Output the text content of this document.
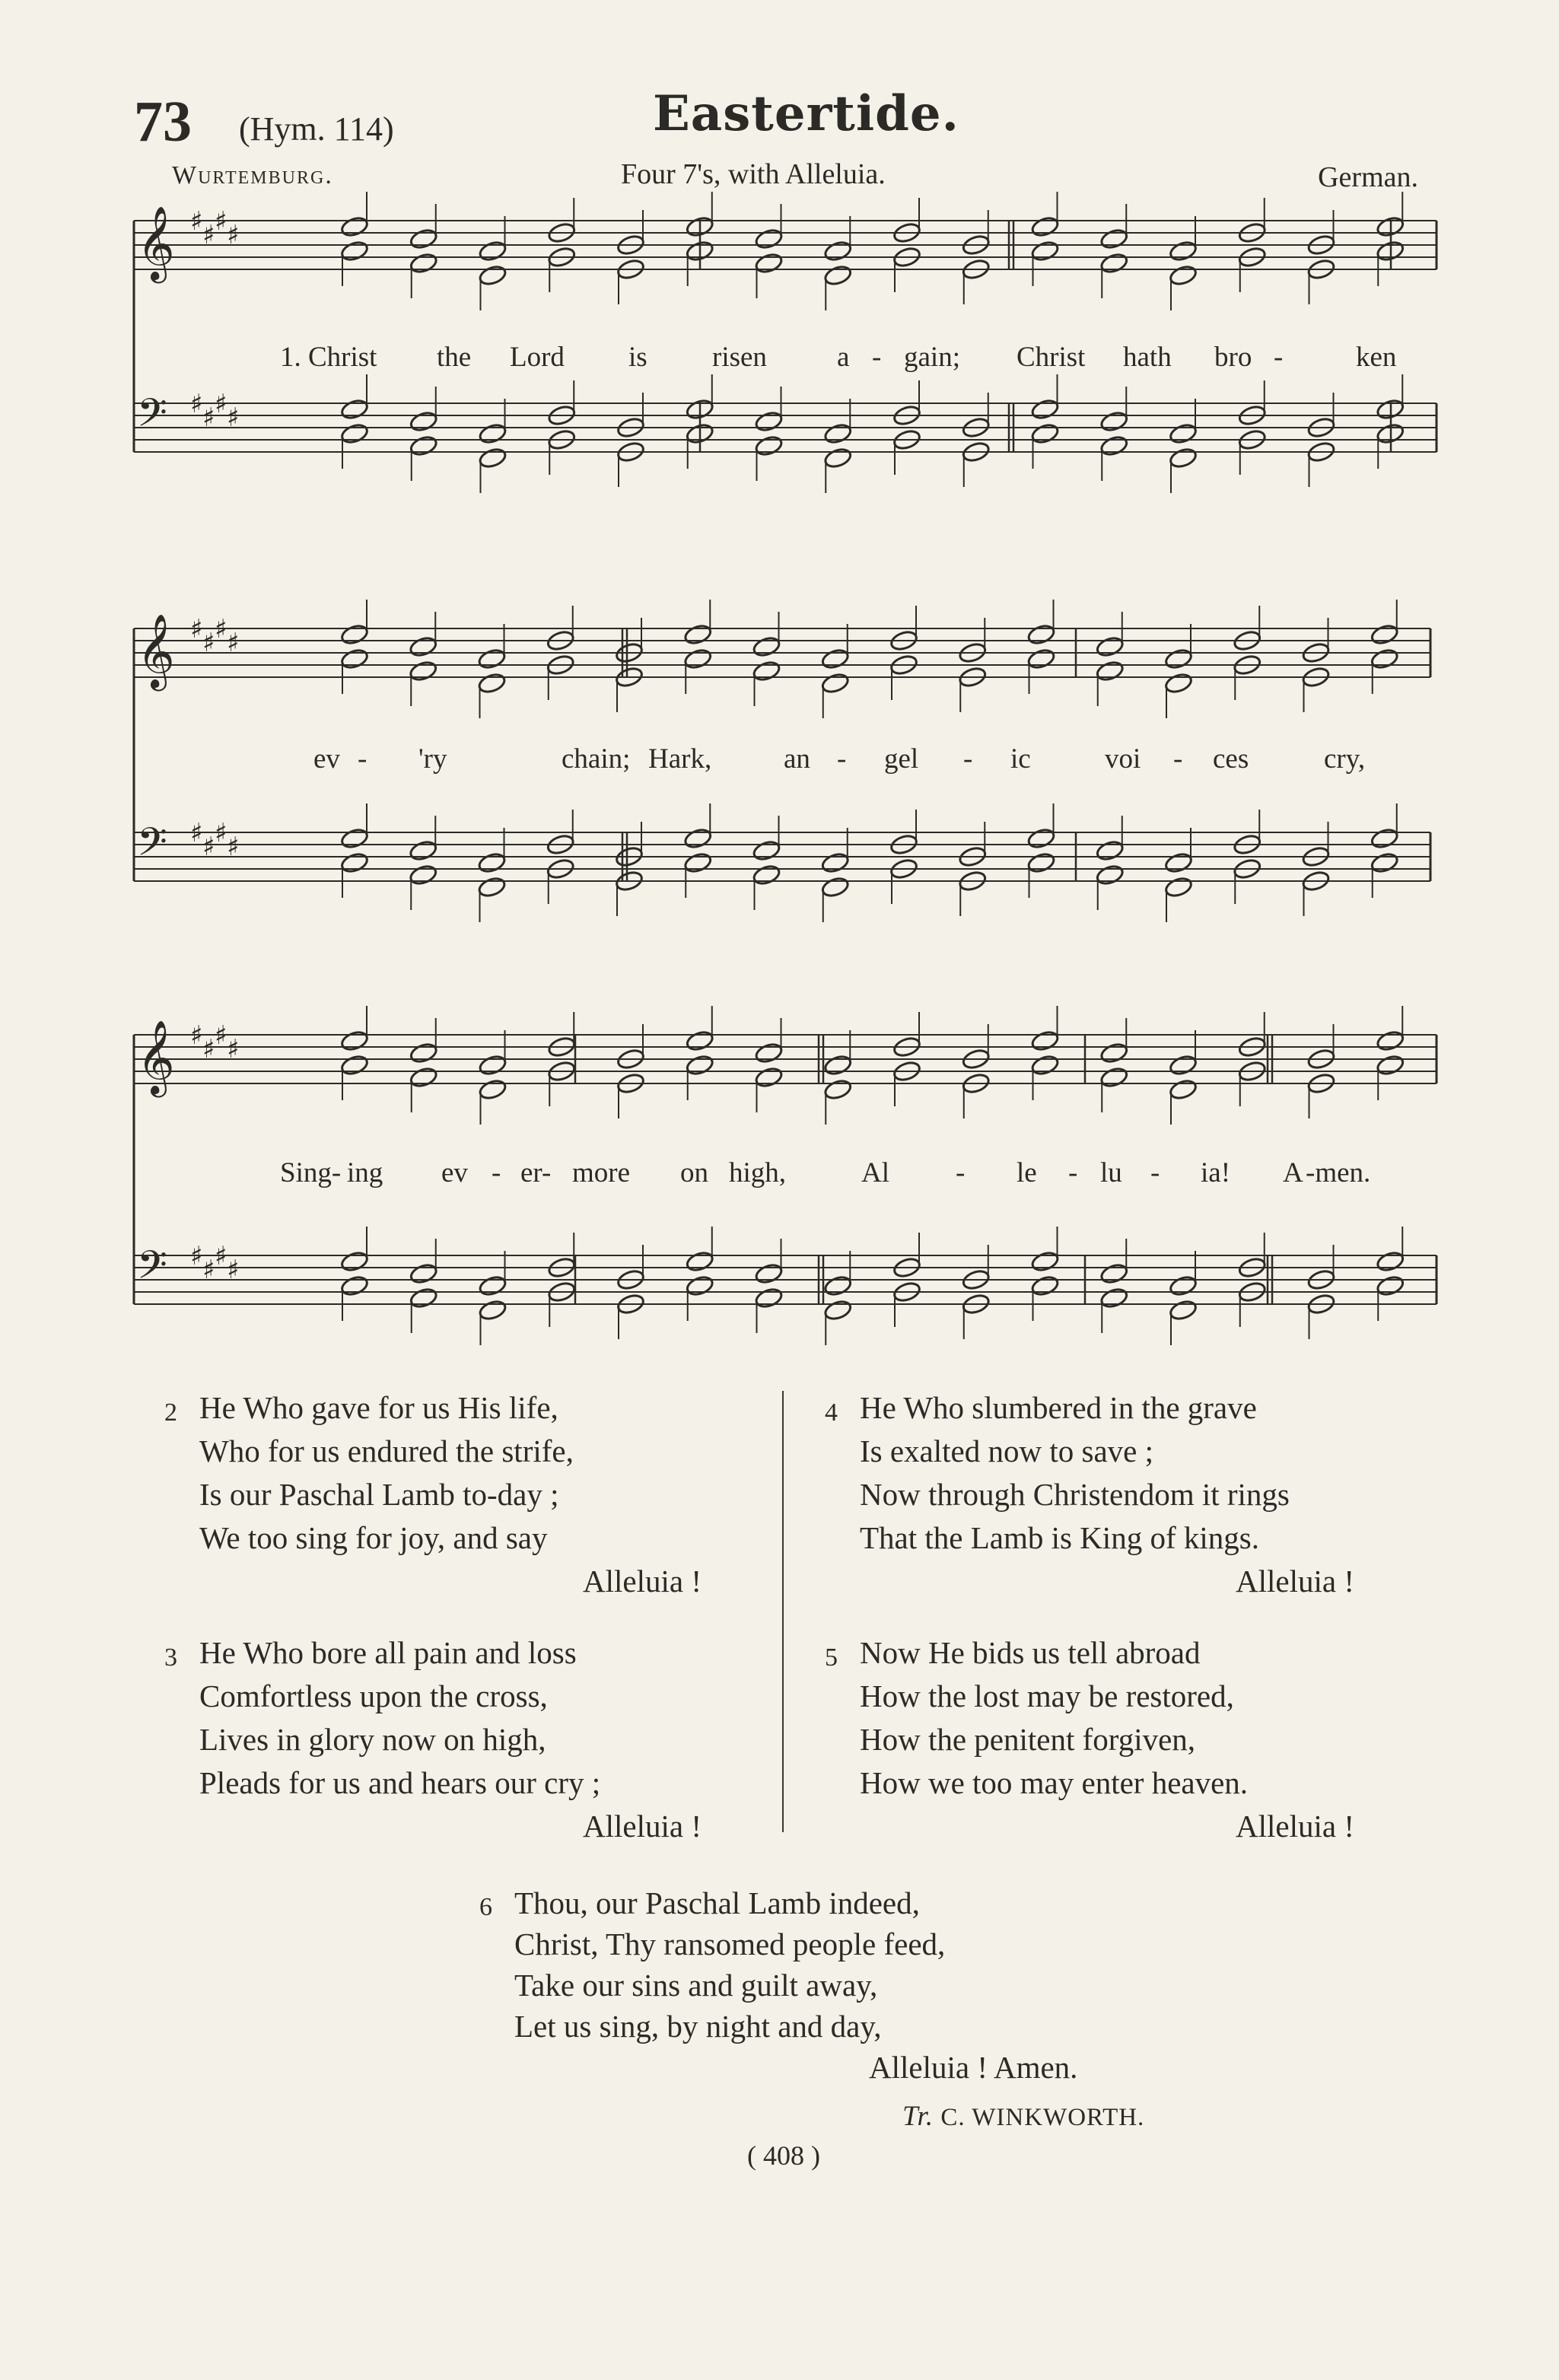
73 (Hym. 114)	Eastertide.
Wurtemburg.	Four 7's, with Alleluia.	German.
𝄞 ♯ ♯ ♯ ♯
𝄢 ♯ ♯ ♯ ♯
1. Christ the Lord is risen a - gain; Christ hath bro -	ken
𝄞 ♯ ♯ ♯ ♯
𝄢 ♯ ♯ ♯ ♯
ev - 'ry	chain; Hark,	an - gel - ic	voi - ces	cry,
𝄞 ♯ ♯ ♯ ♯
𝄢 ♯ ♯ ♯ ♯
Sing- ing ev - er- more on high,	Al - le - lu - ia! A -men.
2 He Who gave for us His life,
Who for us endured the strife,
Is our Paschal Lamb to-day ;
We too sing for joy, and say
Alleluia !
3 He Who bore all pain and loss
Comfortless upon the cross,
Lives in glory now on high,
Pleads for us and hears our cry ;
Alleluia !
4 He Who slumbered in the grave
Is exalted now to save ;
Now through Christendom it rings
That the Lamb is King of kings.
Alleluia !
5 Now He bids us tell abroad
How the lost may be restored,
How the penitent forgiven,
How we too may enter heaven.
Alleluia !
6 Thou, our Paschal Lamb indeed,
Christ, Thy ransomed people feed,
Take our sins and guilt away,
Let us sing, by night and day,
Alleluia ! Amen.
Tr. C. WINKWORTH.
( 408 )
